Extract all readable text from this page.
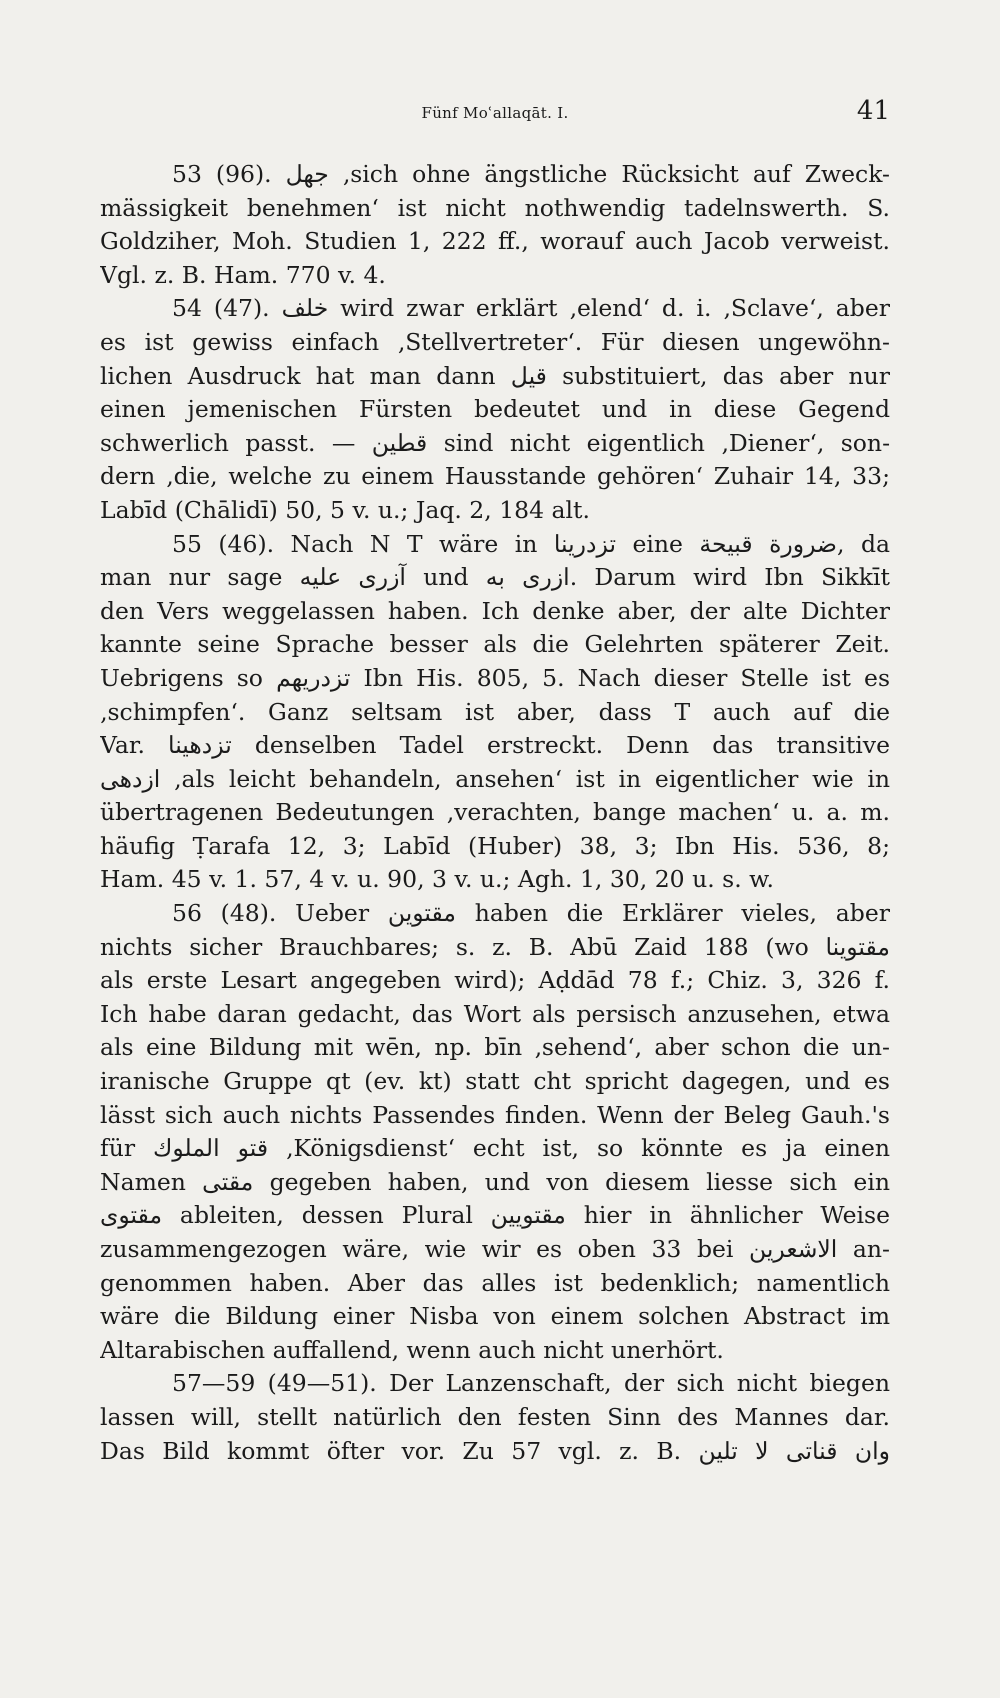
Fünf Moʿallaqāt. I.	41
53 (96). ﺟﻬﻞ ‚sich ohne ängstliche Rücksicht auf Zweck-
mässigkeit benehmen‘ ist nicht nothwendig tadelnswerth. S.
Goldziher, Moh. Studien 1, 222 ff., worauf auch Jacob verweist.
Vgl. z. B. Ham. 770 v. 4.
54 (47). ﺧﻠﻒ wird zwar erklärt ‚elend‘ d. i. ‚Sclave‘, aber
es ist gewiss einfach ‚Stellvertreter‘. Für diesen ungewöhn-
lichen Ausdruck hat man dann ﻗﻴﻞ substituiert, das aber nur
einen jemenischen Fürsten bedeutet und in diese Gegend
schwerlich passt. — ﻗﻄﻴﻦ sind nicht eigentlich ‚Diener‘, son-
dern ‚die, welche zu einem Hausstande gehören‘ Zuhair 14, 33;
Labīd (Chālidī) 50, 5 v. u.; Jaq. 2, 184 alt.
55 (46). Nach N T wäre in ﺗﺰدرﻳﻨﺎ eine ﺿﺮورة ﻗﺒﻴﺤﺔ, da
man nur sage ﺁزری ﻋﻠﻴﻪ und ازری ﺑﻪ. Darum wird Ibn Sikkīt
den Vers weggelassen haben. Ich denke aber, der alte Dichter
kannte seine Sprache besser als die Gelehrten späterer Zeit.
Uebrigens so ﺗﺰدرﻳﻬﻢ Ibn His. 805, 5. Nach dieser Stelle ist es
‚schimpfen‘. Ganz seltsam ist aber, dass T auch auf die
Var. ﺗﺰدﻫﻴﻨﺎ denselben Tadel erstreckt. Denn das transitive
ازدﻫﻰ ‚als leicht behandeln, ansehen‘ ist in eigentlicher wie in
übertragenen Bedeutungen ‚verachten, bange machen‘ u. a. m.
häufig Ṭarafa 12, 3; Labīd (Huber) 38, 3; Ibn His. 536, 8;
Ham. 45 v. 1. 57, 4 v. u. 90, 3 v. u.; Agh. 1, 30, 20 u. s. w.
56 (48). Ueber ﻣﻘﺘﻮﻳﻦ haben die Erklärer vieles, aber
nichts sicher Brauchbares; s. z. B. Abū Zaid 188 (wo ﻣﻘﺘﻮﻳﻨﺎ
als erste Lesart angegeben wird); Aḍdād 78 f.; Chiz. 3, 326 f.
Ich habe daran gedacht, das Wort als persisch anzusehen, etwa
als eine Bildung mit wēn, np. bīn ‚sehend‘, aber schon die un-
iranische Gruppe qt (ev. kt) statt cht spricht dagegen, und es
lässt sich auch nichts Passendes finden. Wenn der Beleg Gauh.'s
für ﻗﺘﻮ اﻟﻤﻠﻮك ‚Königsdienst‘ echt ist, so könnte es ja einen
Namen ﻣﻘﺘﻰ gegeben haben, und von diesem liesse sich ein
ﻣﻘﺘﻮی ableiten, dessen Plural ﻣﻘﺘﻮﻳﻴﻦ hier in ähnlicher Weise
zusammengezogen wäre, wie wir es oben 33 bei اﻻﺷﻌﺮﻳﻦ an-
genommen haben. Aber das alles ist bedenklich; namentlich
wäre die Bildung einer Nisba von einem solchen Abstract im
Altarabischen auffallend, wenn auch nicht unerhört.
57—59 (49—51). Der Lanzenschaft, der sich nicht biegen
lassen will, stellt natürlich den festen Sinn des Mannes dar.
Das Bild kommt öfter vor. Zu 57 vgl. z. B. واﻥ ﻗﻨﺎﺗﻰ ﻻ ﺗﻠﻴﻦ
